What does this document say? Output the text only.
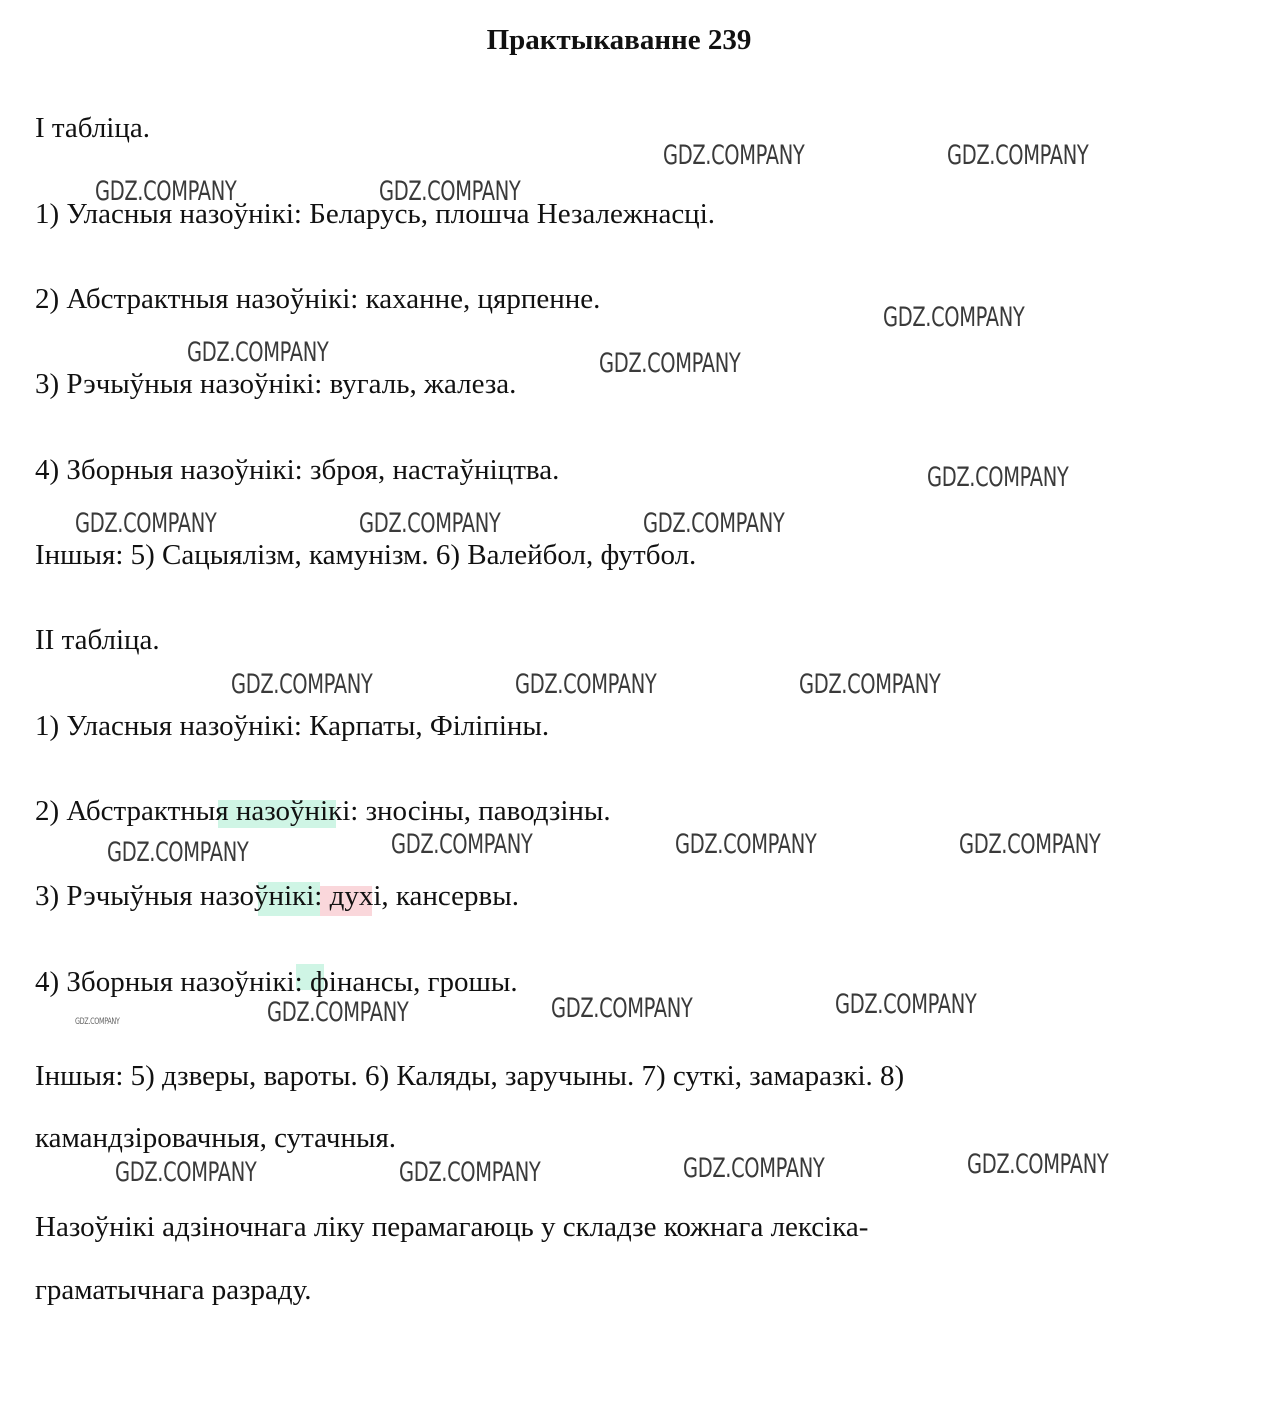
Практыкаванне 239

I табліца.

1) Уласныя назоўнікі: Беларусь, плошча Незалежнасці.

2) Абстрактныя назоўнікі: каханне, цярпенне.

3) Рэчыўныя назоўнікі: вугаль, жалеза.

4) Зборныя назоўнікі: зброя, настаўніцтва.

Іншыя: 5) Сацыялізм, камунізм. 6) Валейбол, футбол.

II табліца.

1) Уласныя назоўнікі: Карпаты, Філіпіны.

2) Абстрактныя назоўнікі: зносіны, паводзіны.

3) Рэчыўныя назоўнікі: духі, кансервы.

4) Зборныя назоўнікі: фінансы, грошы.

Іншыя: 5) дзверы, вароты. 6) Каляды, заручыны. 7) суткі, замаразкі. 8)

камандзіровачныя, сутачныя.

Назоўнікі адзіночнага ліку перамагаюць у складзе кожнага лексіка-

граматычнага разраду.

GDZ.COMPANY	GDZ.COMPANY
GDZ.COMPANY	GDZ.COMPANY
GDZ.COMPANY
GDZ.COMPANY	GDZ.COMPANY
GDZ.COMPANY
GDZ.COMPANY	GDZ.COMPANY	GDZ.COMPANY
GDZ.COMPANY	GDZ.COMPANY	GDZ.COMPANY
GDZ.COMPANY	GDZ.COMPANY	GDZ.COMPANY	GDZ.COMPANY
GDZ.COMPANY	GDZ.COMPANY	GDZ.COMPANY
GDZ.COMPANY
GDZ.COMPANY	GDZ.COMPANY	GDZ.COMPANY	GDZ.COMPANY
